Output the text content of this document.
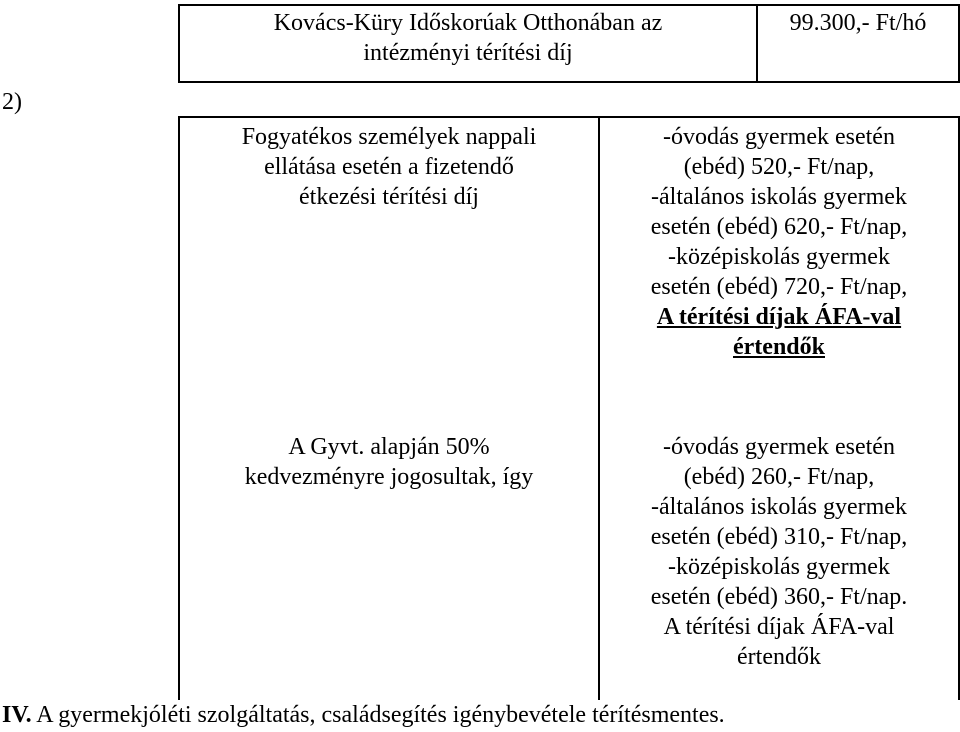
2)
Kovács-Küry Időskorúak Otthonában az
intézményi térítési díj
99.300,- Ft/hó
Fogyatékos személyek nappali
ellátása esetén a fizetendő
étkezési térítési díj
-óvodás gyermek esetén
(ebéd) 520,- Ft/nap,
-általános iskolás gyermek
esetén (ebéd) 620,- Ft/nap,
-középiskolás gyermek
esetén (ebéd) 720,- Ft/nap,
A térítési díjak ÁFA-val
értendők
A Gyvt. alapján 50%
kedvezményre jogosultak, így
-óvodás gyermek esetén
(ebéd) 260,- Ft/nap,
-általános iskolás gyermek
esetén (ebéd) 310,- Ft/nap,
-középiskolás gyermek
esetén (ebéd) 360,- Ft/nap.
A térítési díjak ÁFA-val
értendők
IV. A gyermekjóléti szolgáltatás, családsegítés igénybevétele térítésmentes.
